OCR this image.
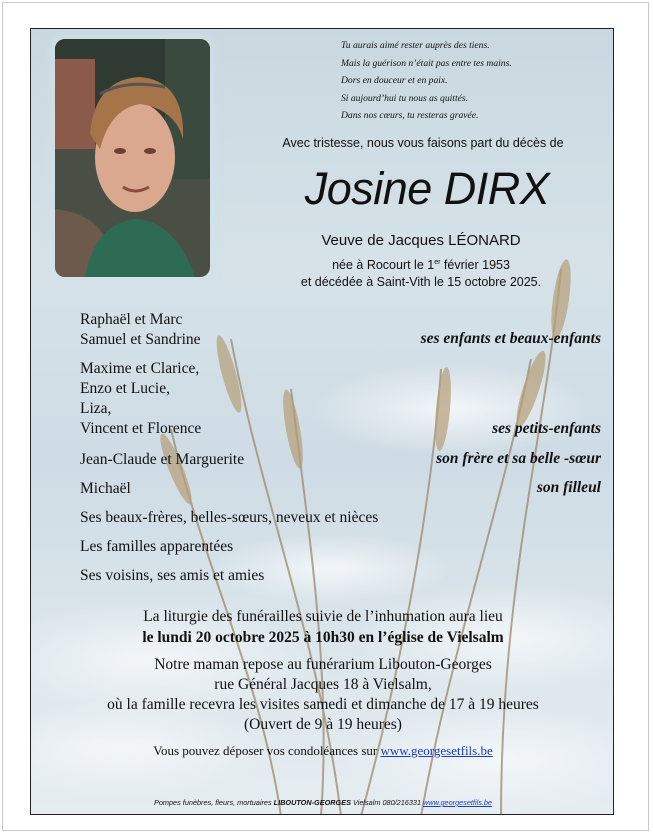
Tu aurais aimé rester auprès des tiens.
Mais la guérison n’était pas entre tes mains.
Dors en douceur et en paix.
Si aujourd’hui tu nous as quittés.
Dans nos cœurs, tu resteras gravée.
Avec tristesse, nous vous faisons part du décès de
Josine DIRX
Veuve de Jacques LÉONARD
née à Rocourt le 1er février 1953
et décédée à Saint-Vith le 15 octobre 2025.
Raphaël et Marc
Samuel et Sandrine	ses enfants et beaux-enfants
Maxime et Clarice,
Enzo et Lucie,
Liza,
Vincent et Florence	ses petits-enfants
Jean-Claude et Marguerite	son frère et sa belle -sœur
Michaël	son filleul
Ses beaux-frères, belles-sœurs, neveux et nièces
Les familles apparentées
Ses voisins, ses amis et amies
La liturgie des funérailles suivie de l’inhumation aura lieu
le lundi 20 octobre 2025 à 10h30 en l’église de Vielsalm
Notre maman repose au funérarium Libouton-Georges
rue Général Jacques 18 à Vielsalm,
où la famille recevra les visites samedi et dimanche de 17 à 19 heures
(Ouvert de 9 à 19 heures)
Vous pouvez déposer vos condoléances sur www.georgesetfils.be
Pompes funèbres, fleurs, mortuaires LIBOUTON-GEORGES Vielsalm 080/216331 www.georgesetfils.be
